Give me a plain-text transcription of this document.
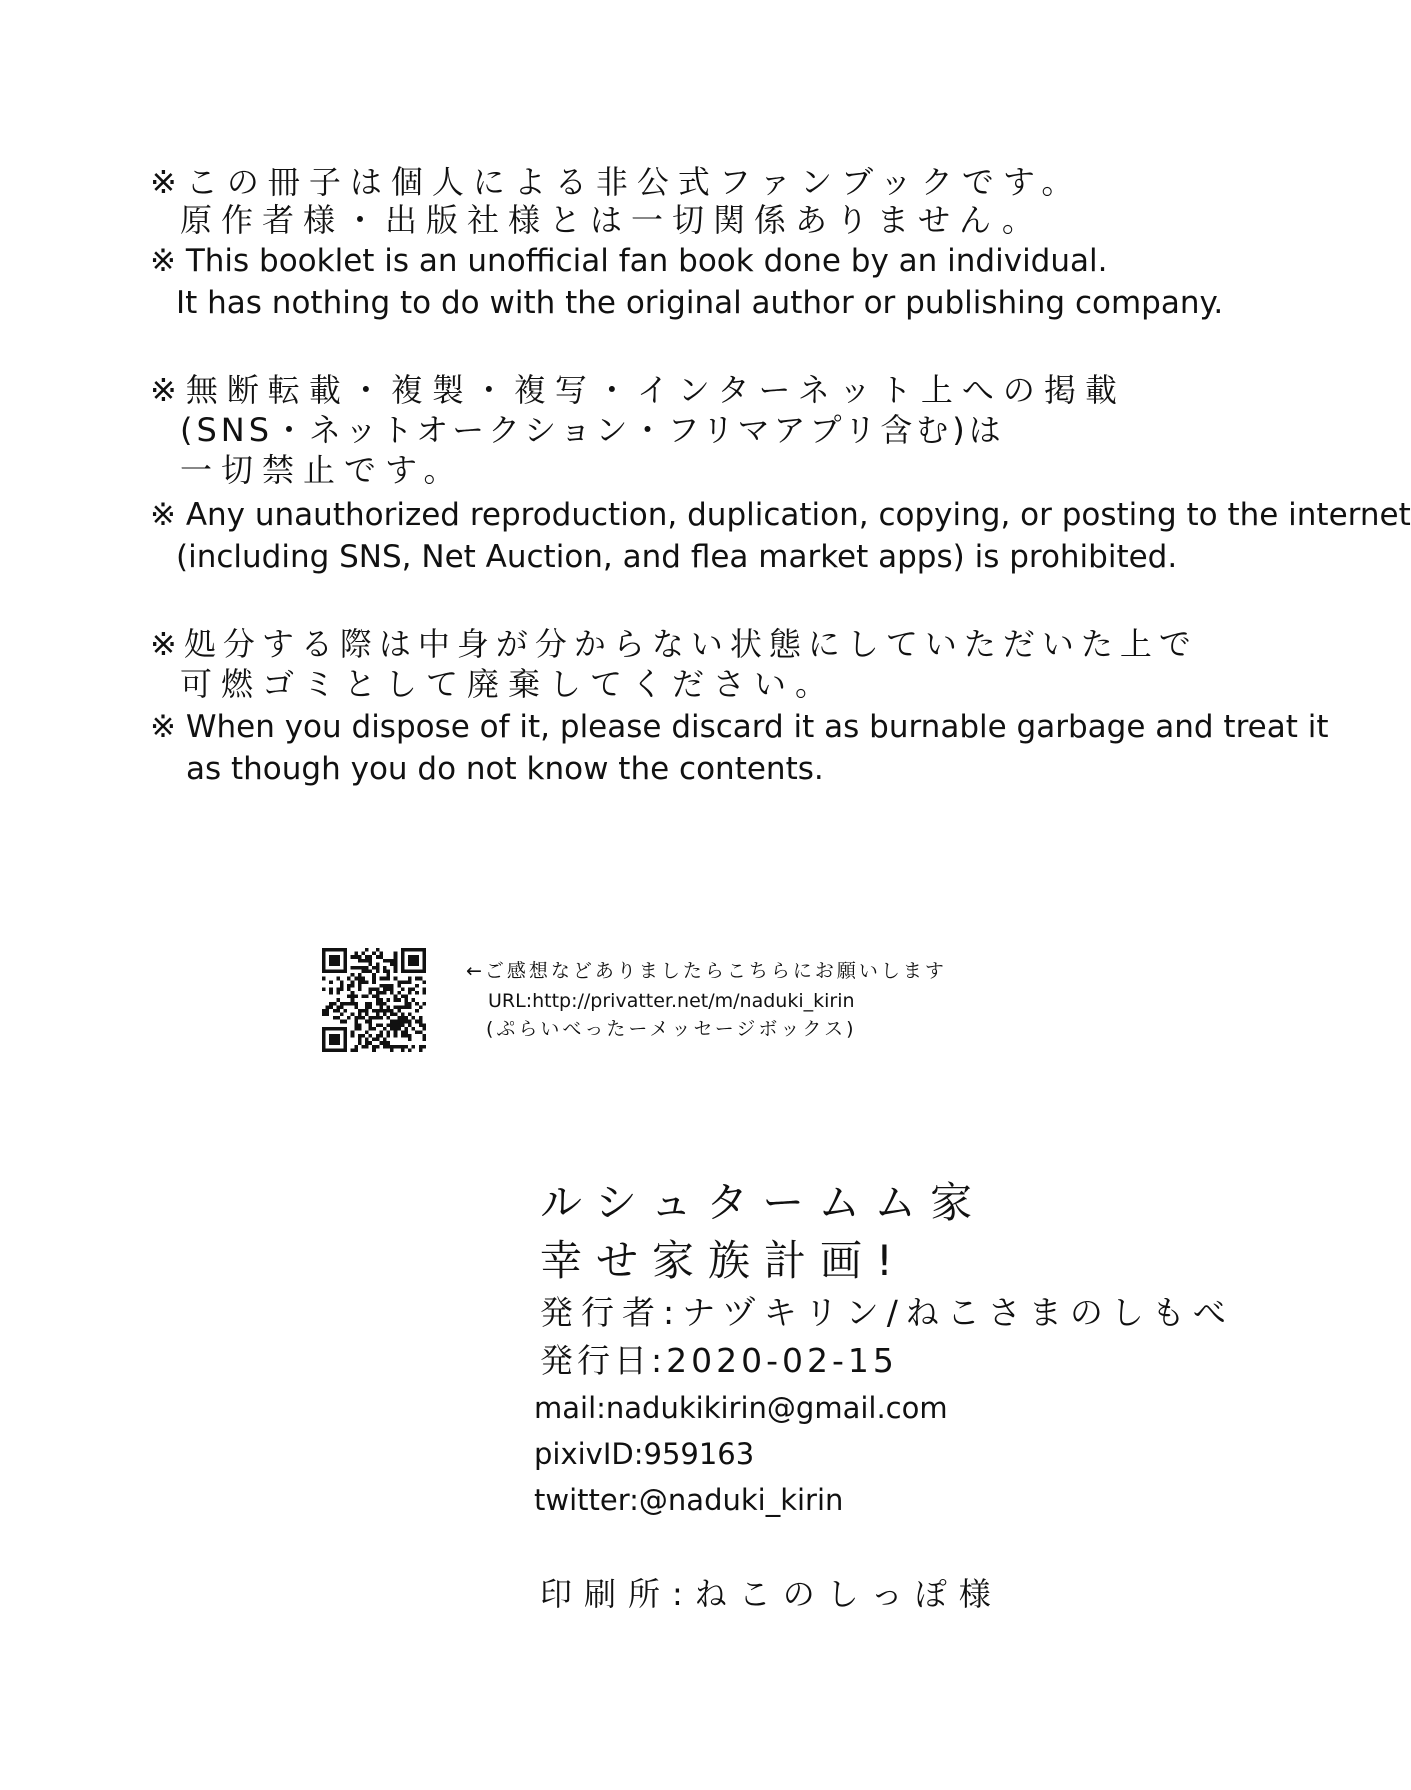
※この冊子は個人による非公式ファンブックです。
原作者様・出版社様とは一切関係ありません。
※ This booklet is an unofficial fan book done by an individual.
It has nothing to do with the original author or publishing company.
※無断転載・複製・複写・インターネット上への掲載
(SNS・ネットオークション・フリマアプリ含む)は
一切禁止です。
※ Any unauthorized reproduction, duplication, copying, or posting to the internet
(including SNS, Net Auction, and flea market apps) is prohibited.
※処分する際は中身が分からない状態にしていただいた上で
可燃ゴミとして廃棄してください。
※ When you dispose of it, please discard it as burnable garbage and treat it
as though you do not know the contents.
←ご感想などありましたらこちらにお願いします
URL:http://privatter.net/m/naduki_kirin
(ぷらいべったーメッセージボックス)
ルシュタームム家
幸せ家族計画!
発行者:ナヅキリン/ねこさまのしもべ
発行日:2020-02-15
mail:nadukikirin@gmail.com
pixivID:959163
twitter:@naduki_kirin
印刷所:ねこのしっぽ様
